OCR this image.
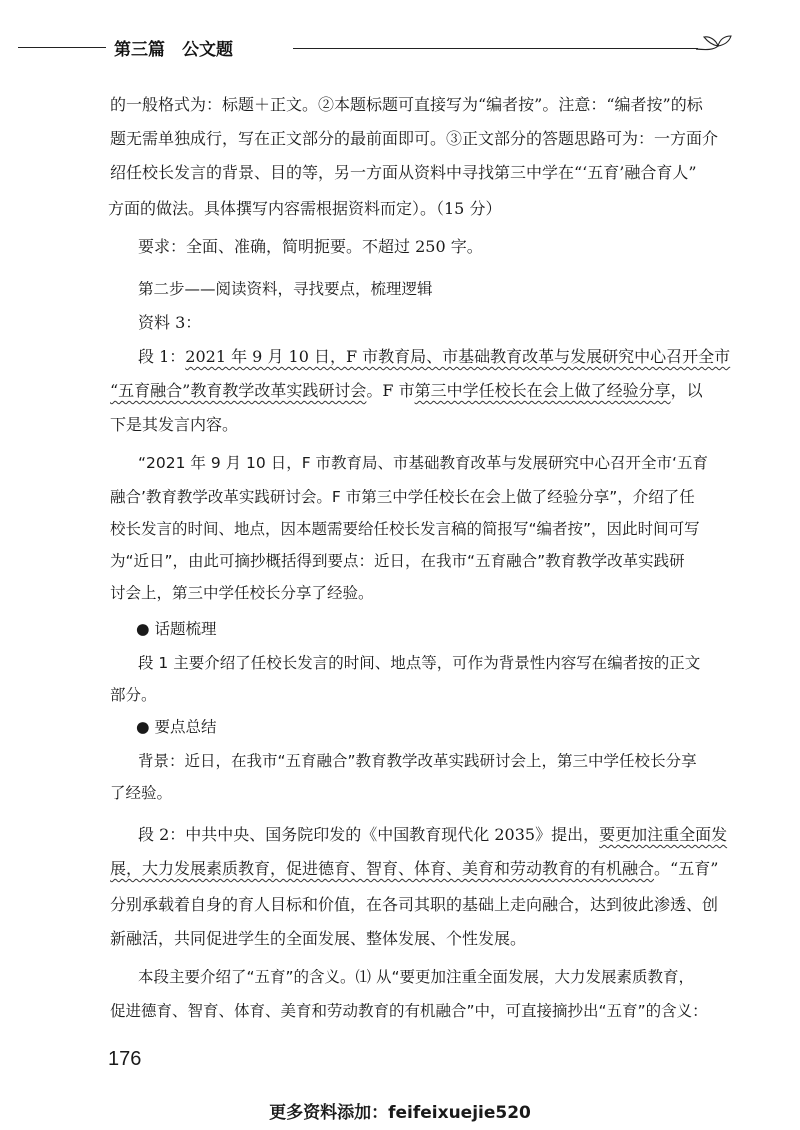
第三篇　公文题
的一般格式为：标题＋正文。②本题标题可直接写为“编者按”。注意：“编者按”的标
题无需单独成行，写在正文部分的最前面即可。③正文部分的答题思路可为：一方面介
绍任校长发言的背景、目的等，另一方面从资料中寻找第三中学在“‘五育’融合育人”
方面的做法。具体撰写内容需根据资料而定）。（15 分）
要求：全面、准确，简明扼要。不超过 250 字。
第二步——阅读资料，寻找要点，梳理逻辑
资料 3：
段 1：2021 年 9 月 10 日，F 市教育局、市基础教育改革与发展研究中心召开全市
“五育融合”教育教学改革实践研讨会。F 市第三中学任校长在会上做了经验分享，以
下是其发言内容。
“2021 年 9 月 10 日，F 市教育局、市基础教育改革与发展研究中心召开全市‘五育
融合’教育教学改革实践研讨会。F 市第三中学任校长在会上做了经验分享”，介绍了任
校长发言的时间、地点，因本题需要给任校长发言稿的简报写“编者按”，因此时间可写
为“近日”，由此可摘抄概括得到要点：近日，在我市“五育融合”教育教学改革实践研
讨会上，第三中学任校长分享了经验。
● 话题梳理
段 1 主要介绍了任校长发言的时间、地点等，可作为背景性内容写在编者按的正文
部分。
● 要点总结
背景：近日，在我市“五育融合”教育教学改革实践研讨会上，第三中学任校长分享
了经验。
段 2：中共中央、国务院印发的《中国教育现代化 2035》提出，要更加注重全面发
展，大力发展素质教育，促进德育、智育、体育、美育和劳动教育的有机融合。“五育”
分别承载着自身的育人目标和价值，在各司其职的基础上走向融合，达到彼此渗透、创
新融活，共同促进学生的全面发展、整体发展、个性发展。
本段主要介绍了“五育”的含义。⑴ 从“要更加注重全面发展，大力发展素质教育，
促进德育、智育、体育、美育和劳动教育的有机融合”中，可直接摘抄出“五育”的含义：
176
更多资料添加：feifeixuejie520
